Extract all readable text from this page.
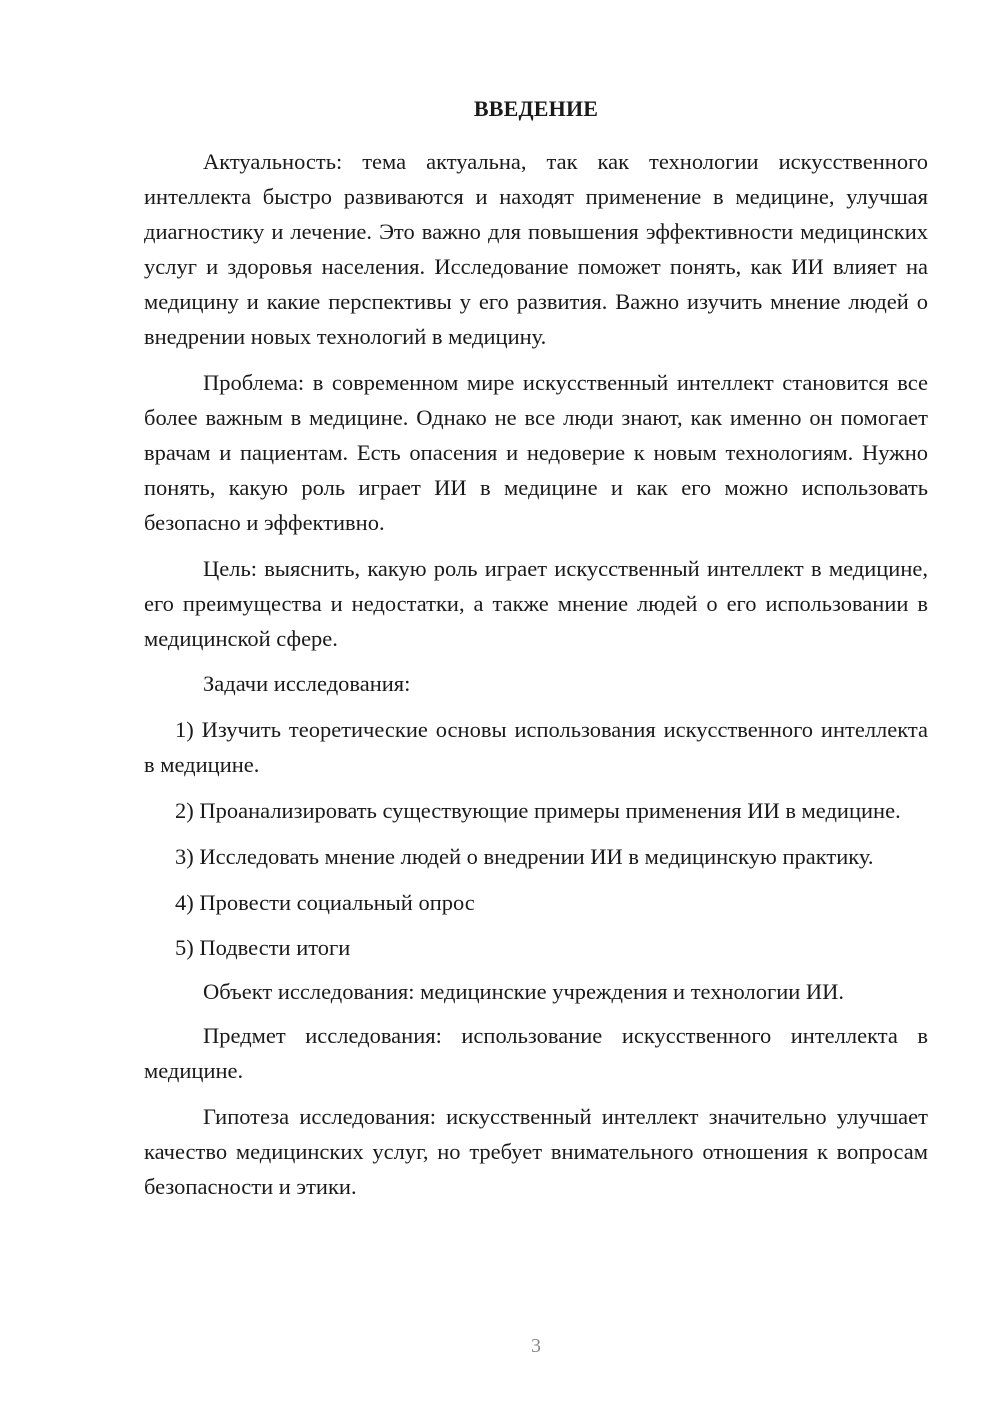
ВВЕДЕНИЕ

Актуальность: тема актуальна, так как технологии искусственного интеллекта быстро развиваются и находят применение в медицине, улучшая диагностику и лечение. Это важно для повышения эффективности медицинских услуг и здоровья населения. Исследование поможет понять, как ИИ влияет на медицину и какие перспективы у его развития. Важно изучить мнение людей о внедрении новых технологий в медицину.

Проблема: в современном мире искусственный интеллект становится все более важным в медицине. Однако не все люди знают, как именно он помогает врачам и пациентам. Есть опасения и недоверие к новым технологиям. Нужно понять, какую роль играет ИИ в медицине и как его можно использовать безопасно и эффективно.

Цель: выяснить, какую роль играет искусственный интеллект в медицине, его преимущества и недостатки, а также мнение людей о его использовании в медицинской сфере.

Задачи исследования:

1) Изучить теоретические основы использования искусственного интеллекта в медицине.

2) Проанализировать существующие примеры применения ИИ в медицине.

3) Исследовать мнение людей о внедрении ИИ в медицинскую практику.

4) Провести социальный опрос

5) Подвести итоги

Объект исследования: медицинские учреждения и технологии ИИ.

Предмет исследования: использование искусственного интеллекта в медицине.

Гипотеза исследования: искусственный интеллект значительно улучшает качество медицинских услуг, но требует внимательного отношения к вопросам безопасности и этики.

3
